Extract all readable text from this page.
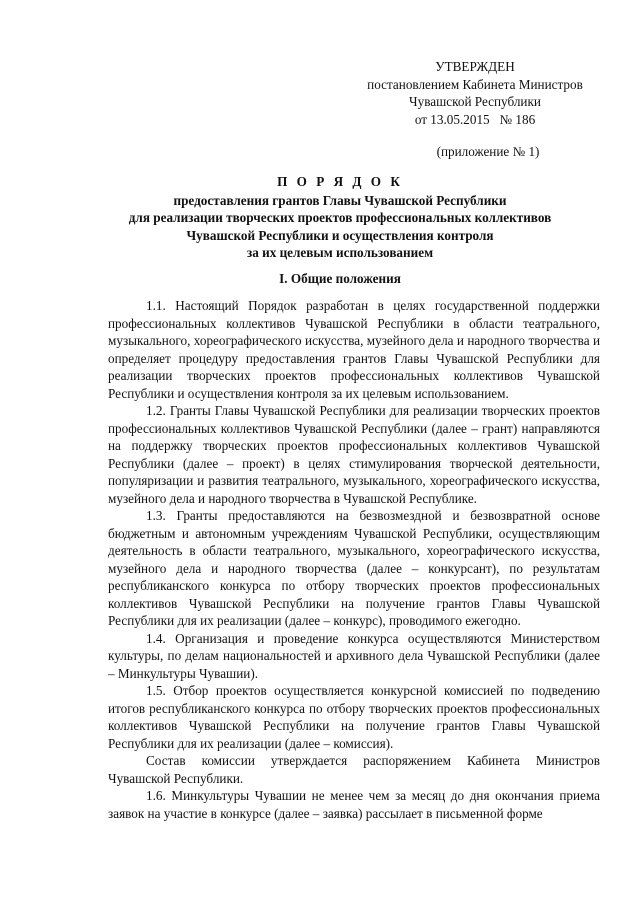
УТВЕРЖДЕН
постановлением Кабинета Министров
Чувашской Республики
от 13.05.2015   № 186
(приложение № 1)
П О Р Я Д О К
предоставления грантов Главы Чувашской Республики
для реализации творческих проектов профессиональных коллективов
Чувашской Республики и осуществления контроля
за их целевым использованием
I. Общие положения

1.1. Настоящий Порядок разработан в целях государственной поддержки профессиональных коллективов Чувашской Республики в области театрального, музыкального, хореографического искусства, музейного дела и народного творчества и определяет процедуру предоставления грантов Главы Чувашской Республики для реализации творческих проектов профессиональных коллективов Чувашской Республики и осуществления контроля за их целевым использованием.

1.2. Гранты Главы Чувашской Республики для реализации творческих проектов профессиональных коллективов Чувашской Республики (далее – грант) направляются на поддержку творческих проектов профессиональных коллективов Чувашской Республики (далее – проект) в целях стимулирования творческой деятельности, популяризации и развития театрального, музыкального, хореографического искусства, музейного дела и народного творчества в Чувашской Республике.

1.3. Гранты предоставляются на безвозмездной и безвозвратной основе бюджетным и автономным учреждениям Чувашской Республики, осуществляющим деятельность в области театрального, музыкального, хореографического искусства, музейного дела и народного творчества (далее – конкурсант), по результатам республиканского конкурса по отбору творческих проектов профессиональных коллективов Чувашской Республики на получение грантов Главы Чувашской Республики для их реализации (далее – конкурс), проводимого ежегодно.

1.4. Организация и проведение конкурса осуществляются Министерством культуры, по делам национальностей и архивного дела Чувашской Республики (далее – Минкультуры Чувашии).

1.5. Отбор проектов осуществляется конкурсной комиссией по подведению итогов республиканского конкурса по отбору творческих проектов профессиональных коллективов Чувашской Республики на получение грантов Главы Чувашской Республики для их реализации (далее – комиссия).

Состав комиссии утверждается распоряжением Кабинета Министров Чувашской Республики.

1.6. Минкультуры Чувашии не менее чем за месяц до дня окончания приема заявок на участие в конкурсе (далее – заявка) рассылает в письменной форме
